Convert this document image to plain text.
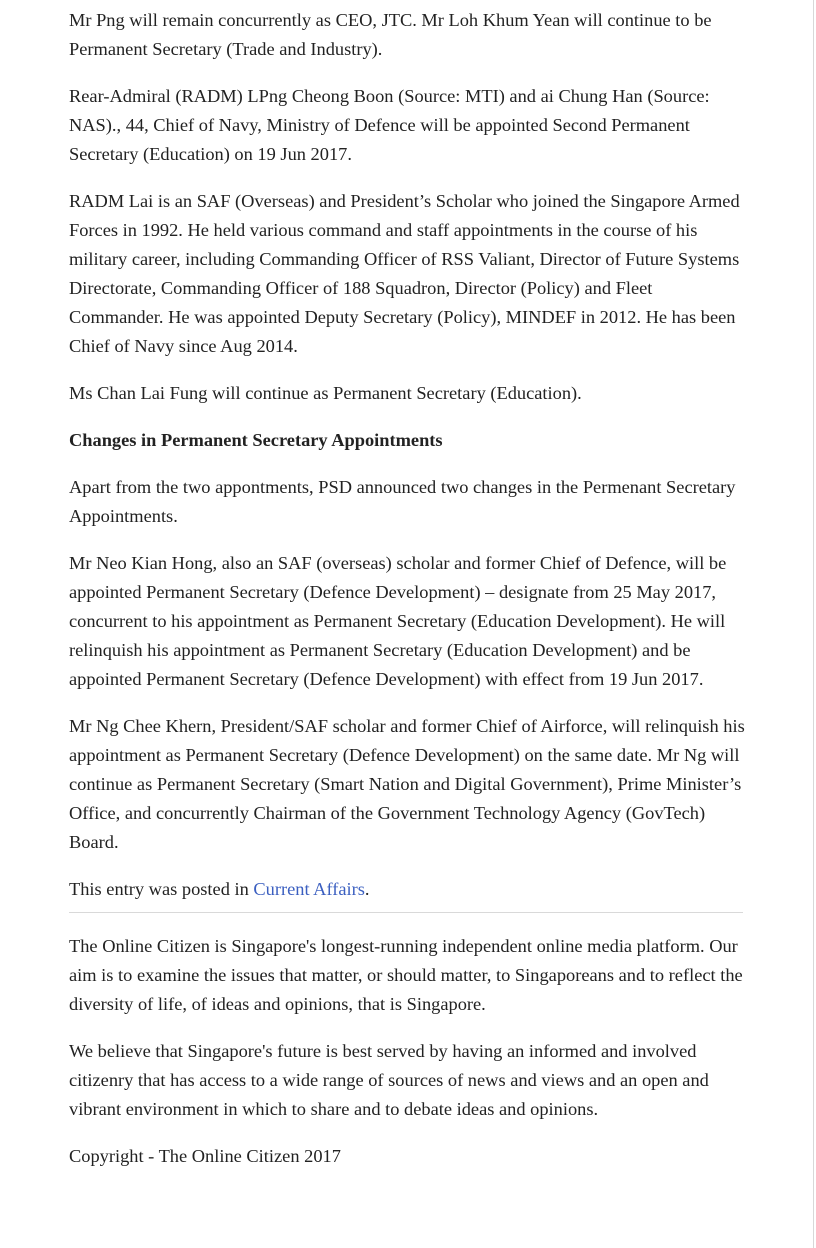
Mr Png will remain concurrently as CEO, JTC. Mr Loh Khum Yean will continue to be Permanent Secretary (Trade and Industry).

Rear-Admiral (RADM) LPng Cheong Boon (Source: MTI) and ai Chung Han (Source: NAS)., 44, Chief of Navy, Ministry of Defence will be appointed Second Permanent Secretary (Education) on 19 Jun 2017.

RADM Lai is an SAF (Overseas) and President’s Scholar who joined the Singapore Armed Forces in 1992. He held various command and staff appointments in the course of his military career, including Commanding Officer of RSS Valiant, Director of Future Systems Directorate, Commanding Officer of 188 Squadron, Director (Policy) and Fleet Commander. He was appointed Deputy Secretary (Policy), MINDEF in 2012. He has been Chief of Navy since Aug 2014.

Ms Chan Lai Fung will continue as Permanent Secretary (Education).

Changes in Permanent Secretary Appointments

Apart from the two appontments, PSD announced two changes in the Permenant Secretary Appointments.

Mr Neo Kian Hong, also an SAF (overseas) scholar and former Chief of Defence, will be appointed Permanent Secretary (Defence Development) – designate from 25 May 2017, concurrent to his appointment as Permanent Secretary (Education Development). He will relinquish his appointment as Permanent Secretary (Education Development) and be appointed Permanent Secretary (Defence Development) with effect from 19 Jun 2017.

Mr Ng Chee Khern, President/SAF scholar and former Chief of Airforce, will relinquish his appointment as Permanent Secretary (Defence Development) on the same date. Mr Ng will continue as Permanent Secretary (Smart Nation and Digital Government), Prime Minister’s Office, and concurrently Chairman of the Government Technology Agency (GovTech) Board.

This entry was posted in Current Affairs.

The Online Citizen is Singapore's longest-running independent online media platform. Our aim is to examine the issues that matter, or should matter, to Singaporeans and to reflect the diversity of life, of ideas and opinions, that is Singapore.

We believe that Singapore's future is best served by having an informed and involved citizenry that has access to a wide range of sources of news and views and an open and vibrant environment in which to share and to debate ideas and opinions.

Copyright - The Online Citizen 2017
